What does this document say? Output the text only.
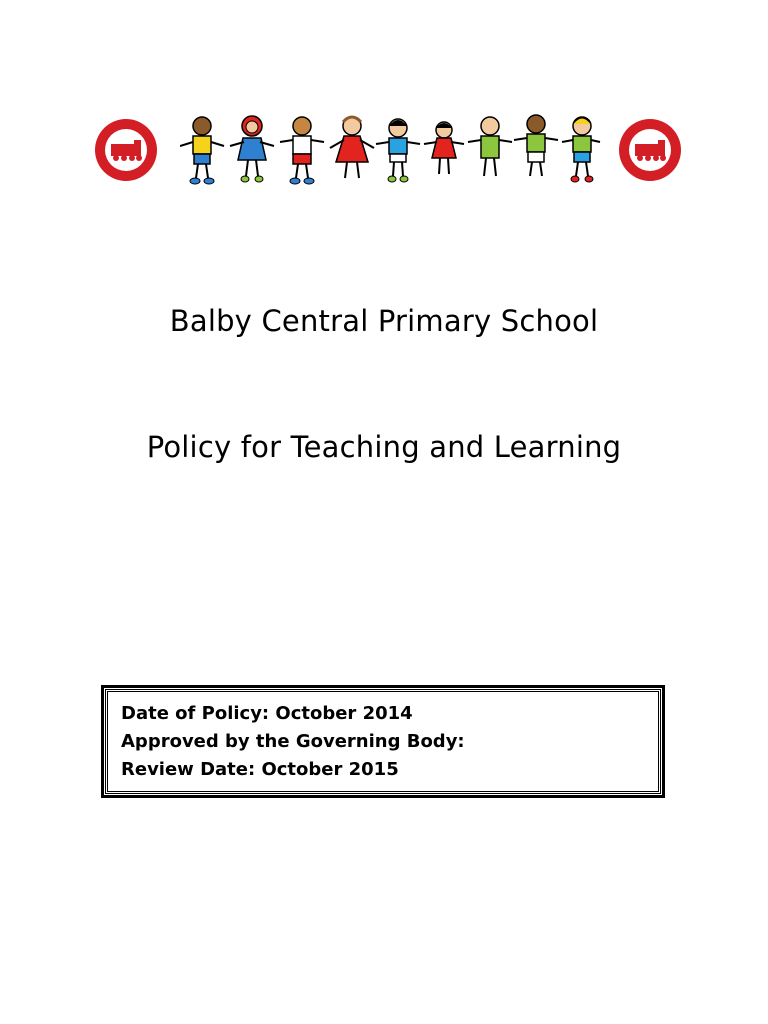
Balby Central Primary School
Policy for Teaching and Learning
Date of Policy: October 2014
Approved by the Governing Body:
Review Date: October 2015
